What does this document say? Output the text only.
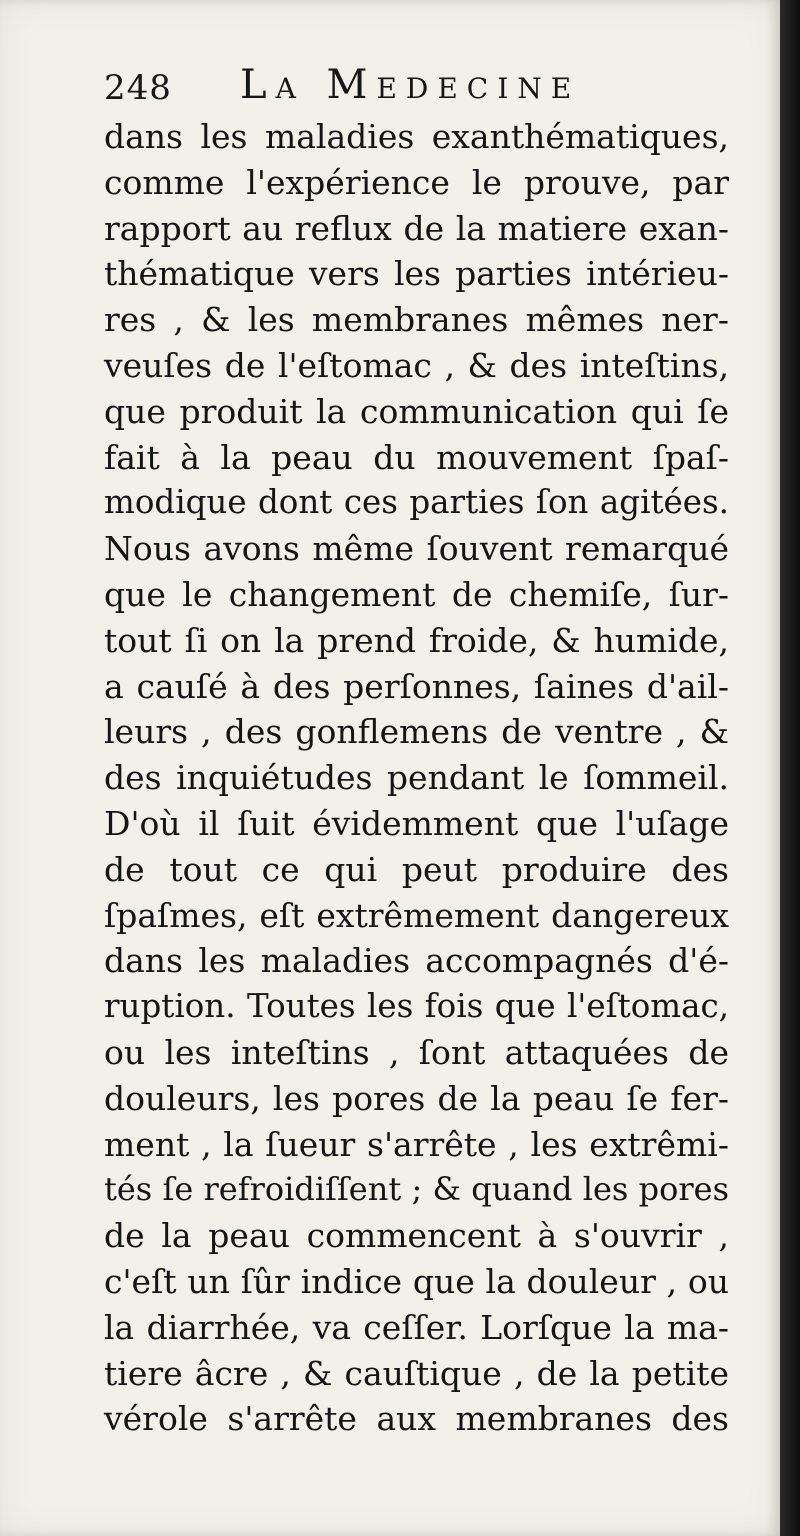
248 La Medecine
dans les maladies exanthématiques,
comme l'expérience le prouve, par
rapport au reflux de la matiere exan-
thématique vers les parties intérieu-
res , & les membranes mêmes ner-
veuſes de l'eſtomac , & des inteſtins,
que produit la communication qui ſe
fait à la peau du mouvement ſpaſ-
modique dont ces parties ſon agitées.
Nous avons même ſouvent remarqué
que le changement de chemiſe, ſur-
tout ſi on la prend froide, & humide,
a cauſé à des perſonnes, ſaines d'ail-
leurs , des gonflemens de ventre , &
des inquiétudes pendant le ſommeil.
D'où il ſuit évidemment que l'uſage
de tout ce qui peut produire des
ſpaſmes, eſt extrêmement dangereux
dans les maladies accompagnés d'é-
ruption. Toutes les fois que l'eſtomac,
ou les inteſtins , ſont attaquées de
douleurs, les pores de la peau ſe fer-
ment , la ſueur s'arrête , les extrêmi-
tés ſe refroidiſſent ; & quand les pores
de la peau commencent à s'ouvrir ,
c'eſt un ſûr indice que la douleur , ou
la diarrhée, va ceſſer. Lorſque la ma-
tiere âcre , & cauſtique , de la petite
vérole s'arrête aux membranes des
